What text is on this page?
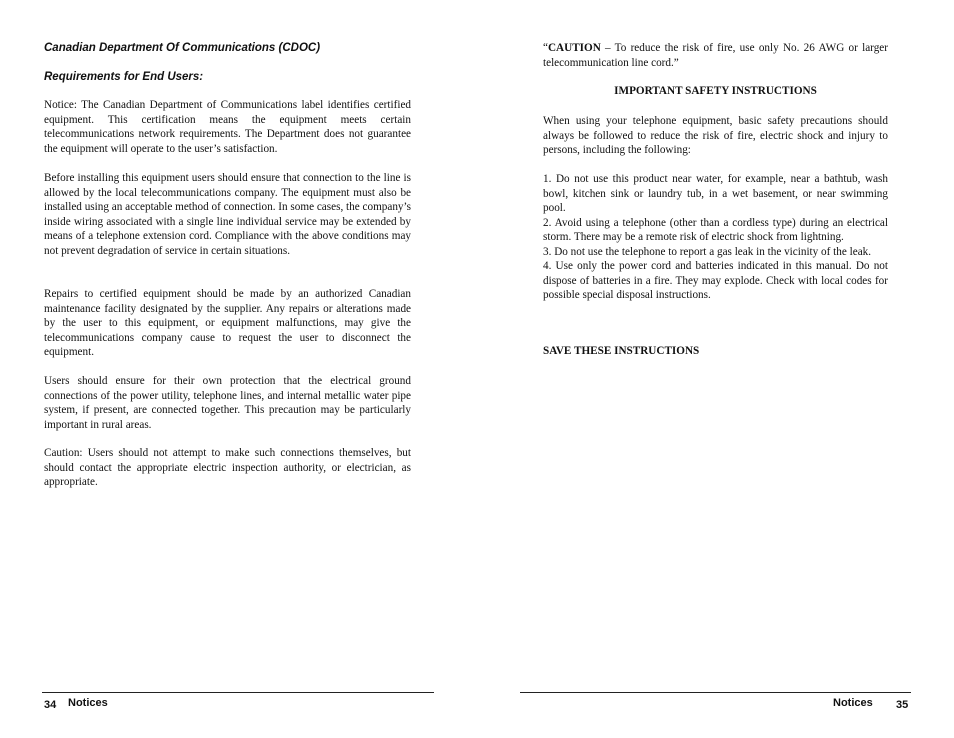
Canadian Department Of Communications (CDOC)

Requirements for End Users:

Notice: The Canadian Department of Communications label identifies certified equipment. This certification means the equipment meets certain telecommunications network requirements. The Department does not guarantee the equipment will operate to the user’s satisfaction.

Before installing this equipment users should ensure that connection to the line is allowed by the local telecommunications company. The equipment must also be installed using an acceptable method of connection. In some cases, the company’s inside wiring associated with a single line individual service may be extended by means of a telephone extension cord. Compliance with the above conditions may not prevent degradation of service in certain situations.

Repairs to certified equipment should be made by an authorized Canadian maintenance facility designated by the supplier. Any repairs or alterations made by the user to this equipment, or equipment malfunctions, may give the telecommunications company cause to request the user to disconnect the equipment.

Users should ensure for their own protection that the electrical ground connections of the power utility, telephone lines, and internal metallic water pipe system, if present, are connected together. This precaution may be particularly important in rural areas.

Caution: Users should not attempt to make such connections themselves, but should contact the appropriate electric inspection authority, or electrician, as appropriate.

34 Notices

“CAUTION – To reduce the risk of fire, use only No. 26 AWG or larger telecommunication line cord.”

IMPORTANT SAFETY INSTRUCTIONS

When using your telephone equipment, basic safety precautions should always be followed to reduce the risk of fire, electric shock and injury to persons, including the following:

1. Do not use this product near water, for example, near a bathtub, wash bowl, kitchen sink or laundry tub, in a wet basement, or near swimming pool.
2. Avoid using a telephone (other than a cordless type) during an electrical storm. There may be a remote risk of electric shock from lightning.
3. Do not use the telephone to report a gas leak in the vicinity of the leak.
4. Use only the power cord and batteries indicated in this manual. Do not dispose of batteries in a fire. They may explode. Check with local codes for possible special disposal instructions.

SAVE THESE INSTRUCTIONS

Notices 35
